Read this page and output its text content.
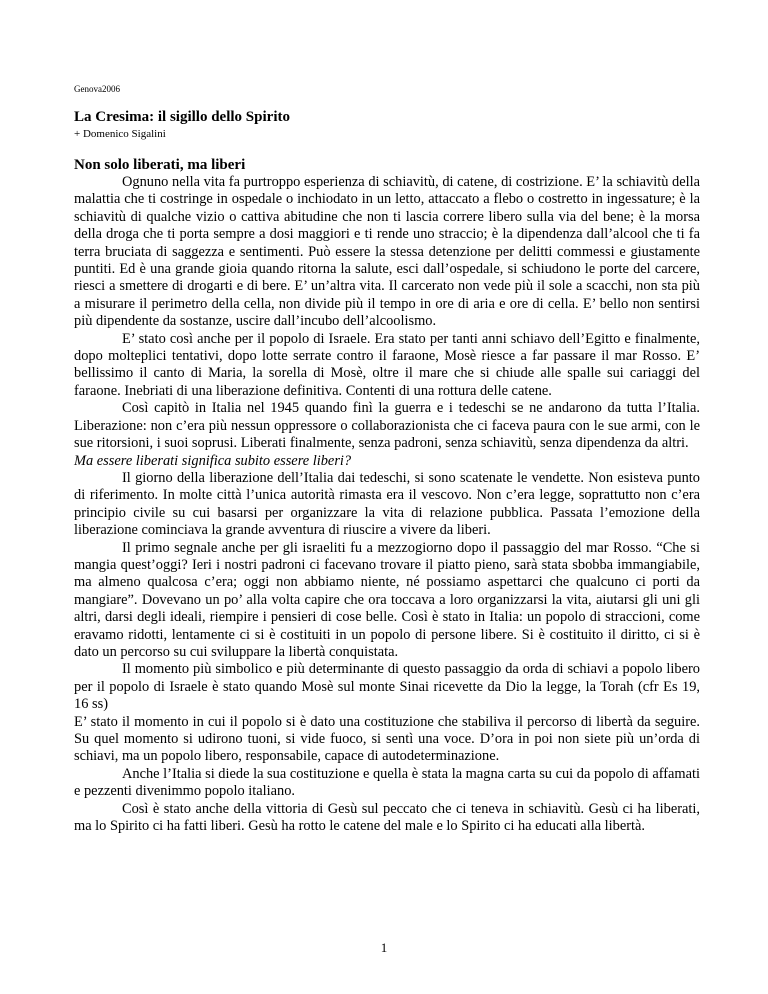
Genova2006
La Cresima: il sigillo dello Spirito
+ Domenico Sigalini
Non solo liberati, ma liberi

Ognuno nella vita fa purtroppo esperienza di schiavitù, di catene, di costrizione. E’ la schiavitù della malattia che ti costringe in ospedale o inchiodato in un letto, attaccato a flebo o costretto in ingessature; è la schiavitù di qualche vizio o cattiva abitudine che non ti lascia correre libero sulla via del bene; è la morsa della droga che ti porta sempre a dosi maggiori e ti rende uno straccio; è la dipendenza dall’alcool che ti fa terra bruciata di saggezza e sentimenti. Può essere la stessa detenzione per delitti commessi e giustamente puntiti. Ed è una grande gioia quando ritorna la salute, esci dall’ospedale, si schiudono le porte del carcere, riesci a smettere di drogarti e di bere. E’ un’altra vita. Il carcerato non vede più il sole a scacchi, non sta più a misurare il perimetro della cella, non divide più il tempo in ore di aria e ore di cella. E’ bello non sentirsi più dipendente da sostanze, uscire dall’incubo dell’alcoolismo.

E’ stato così anche per il popolo di Israele. Era stato per tanti anni schiavo dell’Egitto e finalmente, dopo molteplici tentativi, dopo lotte serrate contro il faraone, Mosè riesce a far passare il mar Rosso. E’ bellissimo il canto di Maria, la sorella di Mosè, oltre il mare che si chiude alle spalle sui cariaggi del faraone. Inebriati di una liberazione definitiva. Contenti di una rottura delle catene.

Così capitò in Italia nel 1945 quando finì la guerra e i tedeschi se ne andarono da tutta l’Italia. Liberazione: non c’era più nessun oppressore o collaborazionista che ci faceva paura con le sue armi, con le sue ritorsioni, i suoi soprusi. Liberati finalmente, senza padroni, senza schiavitù, senza dipendenza da altri.

Ma essere liberati significa subito essere liberi?

Il giorno della liberazione dell’Italia dai tedeschi, si sono scatenate le vendette. Non esisteva punto di riferimento. In molte città l’unica autorità rimasta era il vescovo. Non c’era legge, soprattutto non c’era principio civile su cui basarsi per organizzare la vita di relazione pubblica. Passata l’emozione della liberazione cominciava la grande avventura di riuscire a vivere da liberi.

Il primo segnale anche per gli israeliti fu a mezzogiorno dopo il passaggio del mar Rosso. “Che si mangia quest’oggi? Ieri i nostri padroni ci facevano trovare il piatto pieno, sarà stata sbobba immangiabile, ma almeno qualcosa c’era; oggi non abbiamo niente, né possiamo aspettarci che qualcuno ci porti da mangiare”. Dovevano un po’ alla volta capire che ora toccava a loro organizzarsi la vita, aiutarsi gli uni gli altri, darsi degli ideali, riempire i pensieri di cose belle. Così è stato in Italia: un popolo di straccioni, come eravamo ridotti, lentamente ci si è costituiti in un popolo di persone libere. Si è costituito il diritto, ci si è dato un percorso su cui sviluppare la libertà conquistata.

Il momento più simbolico e più determinante di questo passaggio da orda di schiavi a popolo libero per il popolo di Israele è stato quando Mosè sul monte Sinai ricevette da Dio la legge, la Torah (cfr Es 19, 16 ss)

E’ stato il momento in cui il popolo si è dato una costituzione che stabiliva il percorso di libertà da seguire. Su quel momento si udirono tuoni, si vide fuoco, si sentì una voce. D’ora in poi non siete più un’orda di schiavi, ma un popolo libero, responsabile, capace di autodeterminazione.

Anche l’Italia si diede la sua costituzione e quella è stata la magna carta su cui da popolo di affamati e pezzenti divenimmo popolo italiano.

Così è stato anche della vittoria di Gesù sul peccato che ci teneva in schiavitù. Gesù ci ha liberati, ma lo Spirito ci ha fatti liberi. Gesù ha rotto le catene del male e lo Spirito ci ha educati alla libertà.

1
